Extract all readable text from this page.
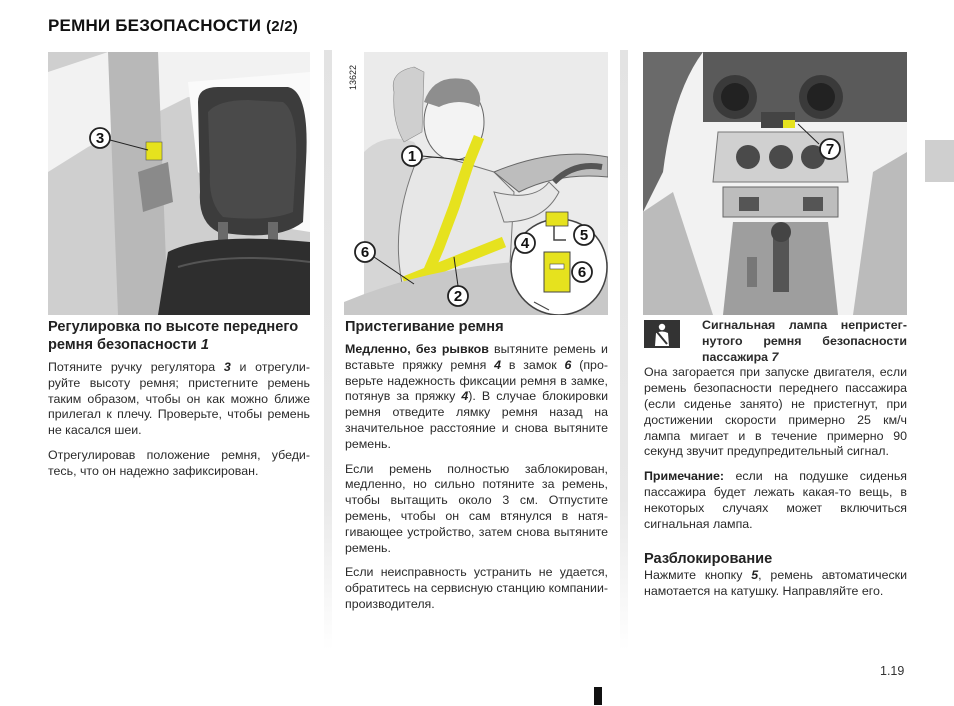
РЕМНИ БЕЗОПАСНОСТИ (2/2)
3
1
6
2
4	5
6
13622
7
Регулировка по высоте переднего ремня безопасности 1

Потяните ручку регулятора 3 и отрегулируйте высоту ремня; пристегните ремень таким образом, чтобы он как можно ближе прилегал к плечу. Проверьте, чтобы ремень не касался шеи.

Отрегулировав положение ремня, убедитесь, что он надежно зафиксирован.

Пристегивание ремня

Медленно, без рывков вытяните ремень и вставьте пряжку ремня 4 в замок 6 (проверьте надежность фиксации ремня в замке, потянув за пряжку 4). В случае блокировки ремня отведите лямку ремня назад на значительное расстояние и снова вытяните ремень.

Если ремень полностью заблокирован, медленно, но сильно потяните за ремень, чтобы вытащить около 3 см. Отпустите ремень, чтобы он сам втянулся в натягивающее устройство, затем снова вытяните ремень.

Если неисправность устранить не удается, обратитесь на сервисную станцию компании-производителя.

Сигнальная лампа непристегнутого ремня безопасности пассажира 7

Она загорается при запуске двигателя, если ремень безопасности переднего пассажира (если сиденье занято) не пристегнут, при достижении скорости примерно 25 км/ч лампа мигает и в течение примерно 90 секунд звучит предупредительный сигнал.

Примечание: если на подушке сиденья пассажира будет лежать какая-то вещь, в некоторых случаях может включиться сигнальная лампа.

Разблокирование

Нажмите кнопку 5, ремень автоматически намотается на катушку. Направляйте его.

1.19
